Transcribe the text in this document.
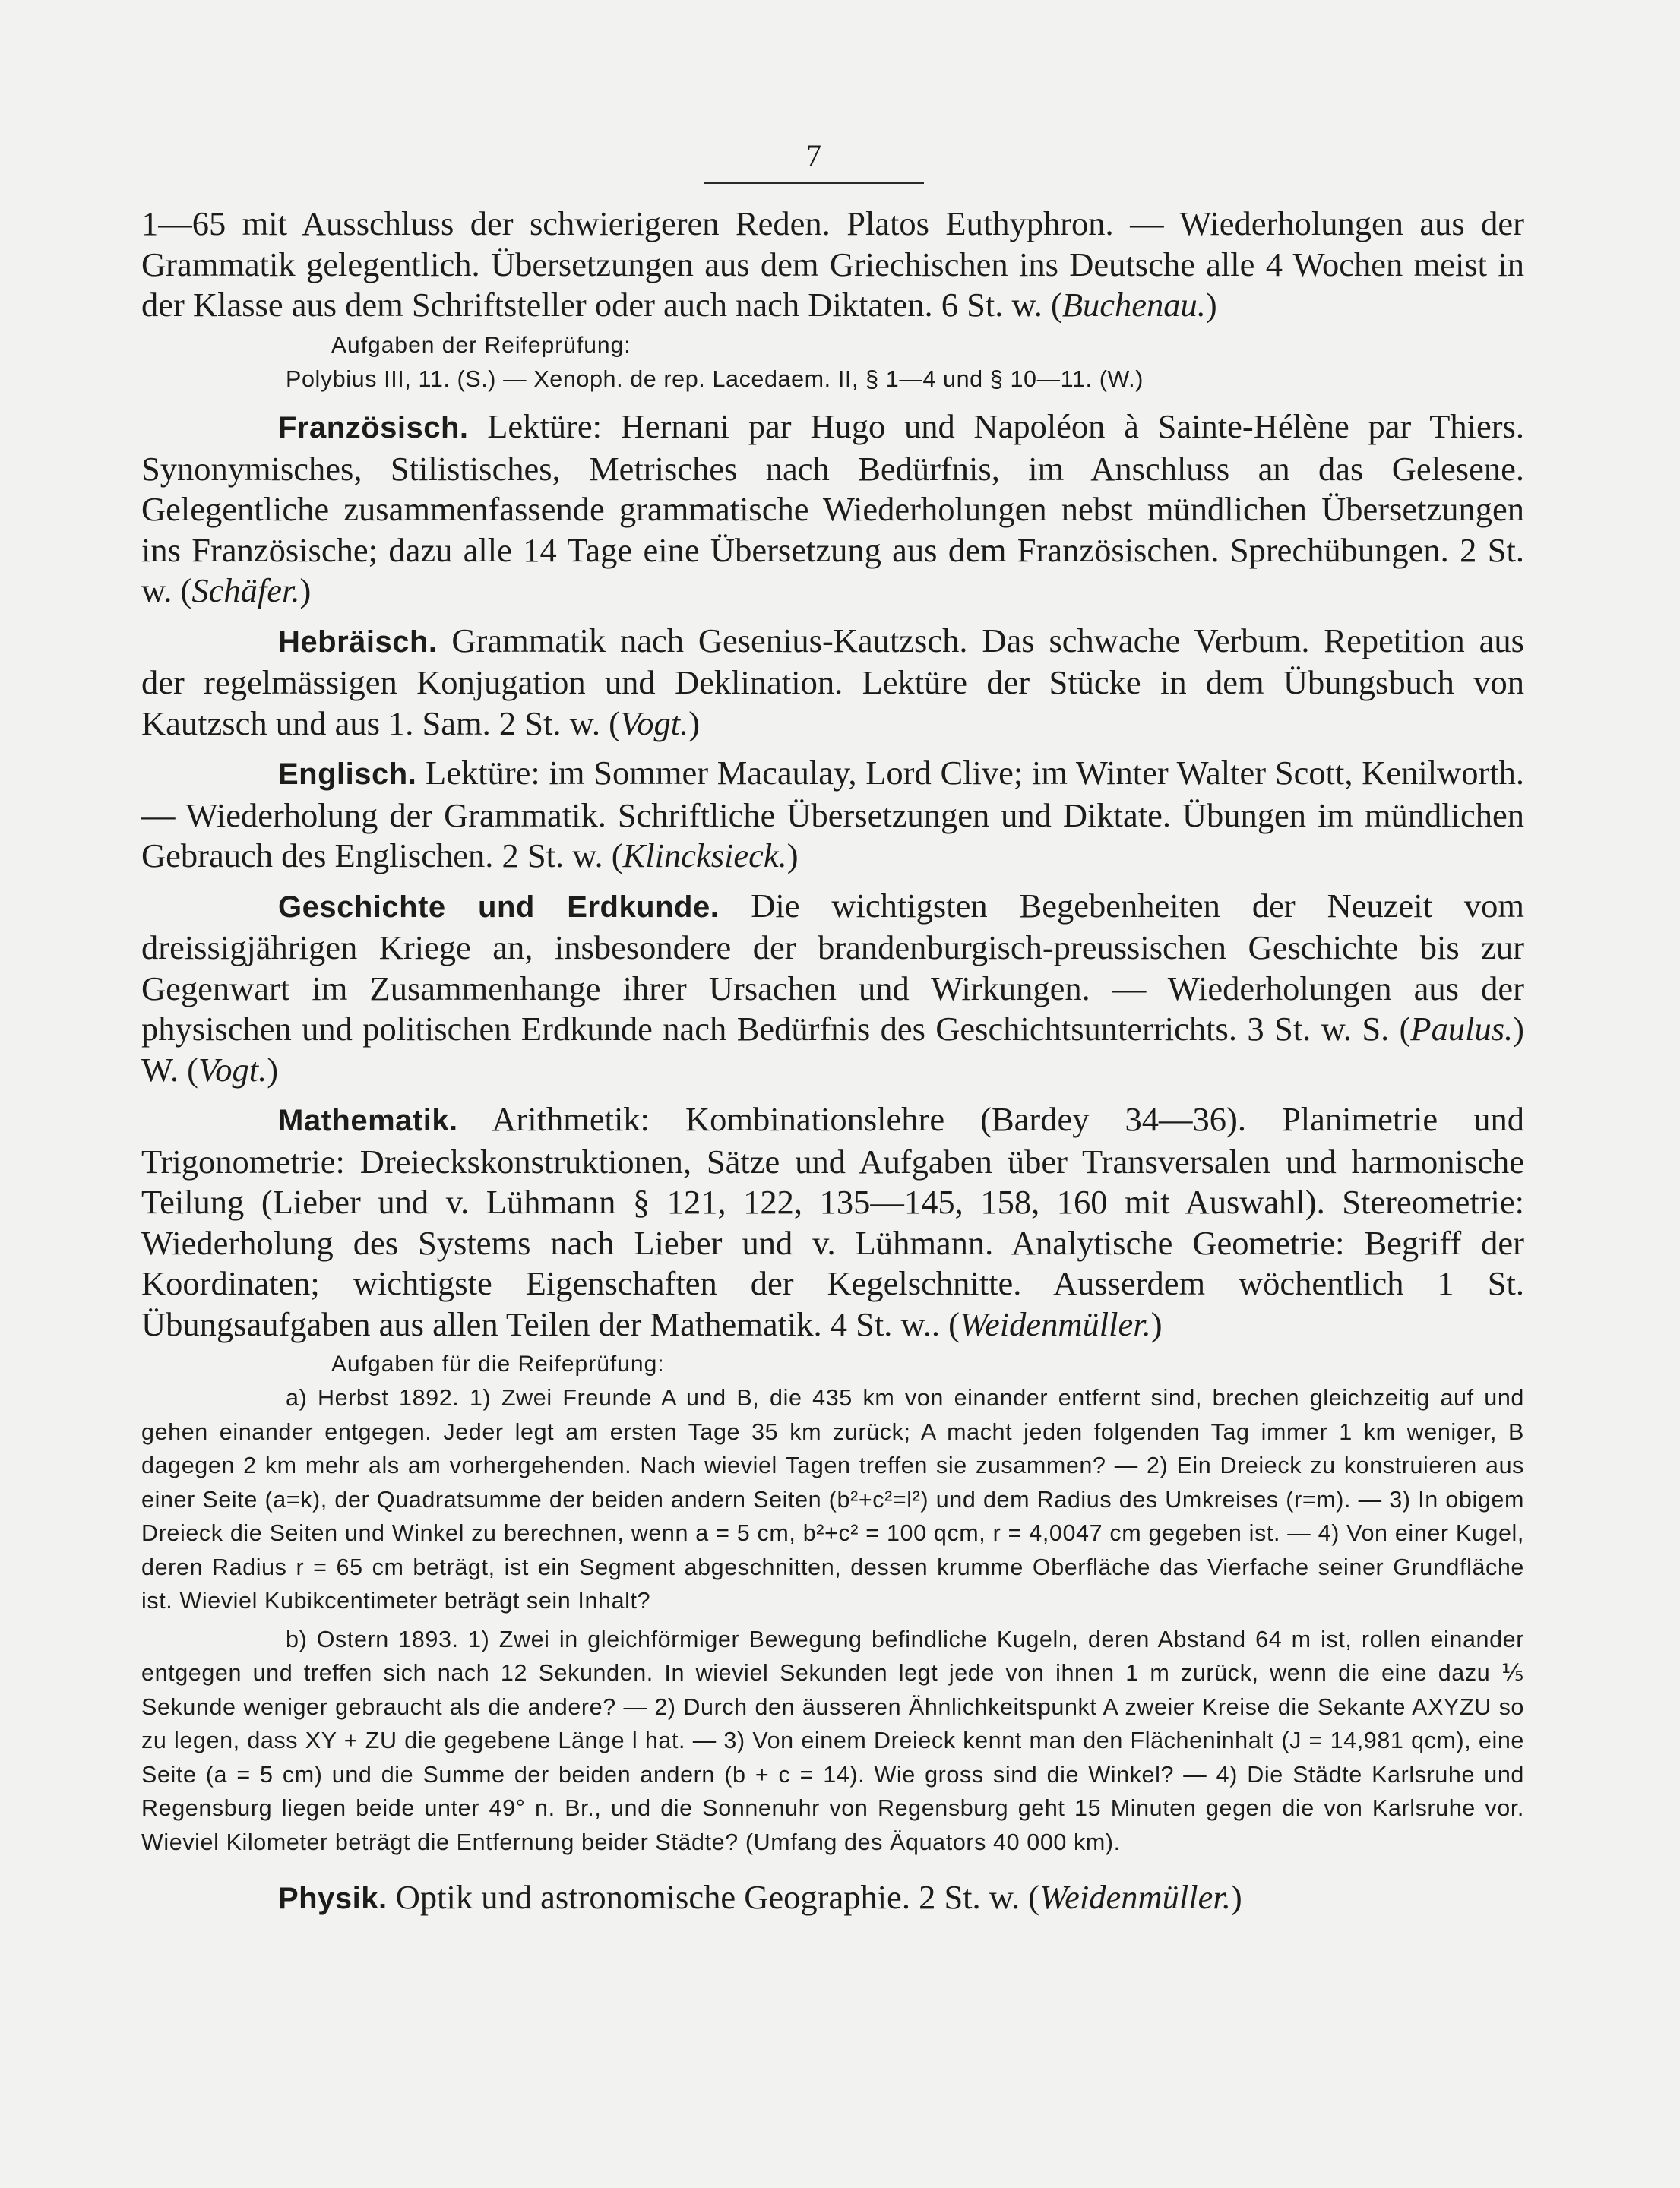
7

1—65 mit Ausschluss der schwierigeren Reden. Platos Euthyphron. — Wiederholungen aus der Grammatik gelegentlich. Übersetzungen aus dem Griechischen ins Deutsche alle 4 Wochen meist in der Klasse aus dem Schriftsteller oder auch nach Diktaten. 6 St. w. (Buchenau.)

Aufgaben der Reifeprüfung:
Polybius III, 11. (S.) — Xenoph. de rep. Lacedaem. II, § 1—4 und § 10—11. (W.)

Französisch. Lektüre: Hernani par Hugo und Napoléon à Sainte-Hélène par Thiers. Synonymisches, Stilistisches, Metrisches nach Bedürfnis, im Anschluss an das Gelesene. Gelegentliche zusammenfassende grammatische Wiederholungen nebst mündlichen Übersetzungen ins Französische; dazu alle 14 Tage eine Übersetzung aus dem Französischen. Sprechübungen. 2 St. w. (Schäfer.)

Hebräisch. Grammatik nach Gesenius-Kautzsch. Das schwache Verbum. Repetition aus der regelmässigen Konjugation und Deklination. Lektüre der Stücke in dem Übungsbuch von Kautzsch und aus 1. Sam. 2 St. w. (Vogt.)

Englisch. Lektüre: im Sommer Macaulay, Lord Clive; im Winter Walter Scott, Kenilworth. — Wiederholung der Grammatik. Schriftliche Übersetzungen und Diktate. Übungen im mündlichen Gebrauch des Englischen. 2 St. w. (Klincksieck.)

Geschichte und Erdkunde. Die wichtigsten Begebenheiten der Neuzeit vom dreissigjährigen Kriege an, insbesondere der brandenburgisch-preussischen Geschichte bis zur Gegenwart im Zusammenhange ihrer Ursachen und Wirkungen. — Wiederholungen aus der physischen und politischen Erdkunde nach Bedürfnis des Geschichtsunterrichts. 3 St. w. S. (Paulus.) W. (Vogt.)

Mathematik. Arithmetik: Kombinationslehre (Bardey 34—36). Planimetrie und Trigonometrie: Dreieckskonstruktionen, Sätze und Aufgaben über Transversalen und harmonische Teilung (Lieber und v. Lühmann § 121, 122, 135—145, 158, 160 mit Auswahl). Stereometrie: Wiederholung des Systems nach Lieber und v. Lühmann. Analytische Geometrie: Begriff der Koordinaten; wichtigste Eigenschaften der Kegelschnitte. Ausserdem wöchentlich 1 St. Übungsaufgaben aus allen Teilen der Mathematik. 4 St. w.. (Weidenmüller.)

Aufgaben für die Reifeprüfung:
a) Herbst 1892. 1) Zwei Freunde A und B, die 435 km von einander entfernt sind, brechen gleichzeitig auf und gehen einander entgegen. Jeder legt am ersten Tage 35 km zurück; A macht jeden folgenden Tag immer 1 km weniger, B dagegen 2 km mehr als am vorhergehenden. Nach wieviel Tagen treffen sie zusammen? — 2) Ein Dreieck zu konstruieren aus einer Seite (a=k), der Quadratsumme der beiden andern Seiten (b²+c²=l²) und dem Radius des Umkreises (r=m). — 3) In obigem Dreieck die Seiten und Winkel zu berechnen, wenn a = 5 cm, b²+c² = 100 qcm, r = 4,0047 cm gegeben ist. — 4) Von einer Kugel, deren Radius r = 65 cm beträgt, ist ein Segment abgeschnitten, dessen krumme Oberfläche das Vierfache seiner Grundfläche ist. Wieviel Kubikcentimeter beträgt sein Inhalt?
b) Ostern 1893. 1) Zwei in gleichförmiger Bewegung befindliche Kugeln, deren Abstand 64 m ist, rollen einander entgegen und treffen sich nach 12 Sekunden. In wieviel Sekunden legt jede von ihnen 1 m zurück, wenn die eine dazu ⅕ Sekunde weniger gebraucht als die andere? — 2) Durch den äusseren Ähnlichkeitspunkt A zweier Kreise die Sekante AXYZU so zu legen, dass XY + ZU die gegebene Länge l hat. — 3) Von einem Dreieck kennt man den Flächeninhalt (J = 14,981 qcm), eine Seite (a = 5 cm) und die Summe der beiden andern (b + c = 14). Wie gross sind die Winkel? — 4) Die Städte Karlsruhe und Regensburg liegen beide unter 49° n. Br., und die Sonnenuhr von Regensburg geht 15 Minuten gegen die von Karlsruhe vor. Wieviel Kilometer beträgt die Entfernung beider Städte? (Umfang des Äquators 40 000 km).

Physik. Optik und astronomische Geographie. 2 St. w. (Weidenmüller.)
